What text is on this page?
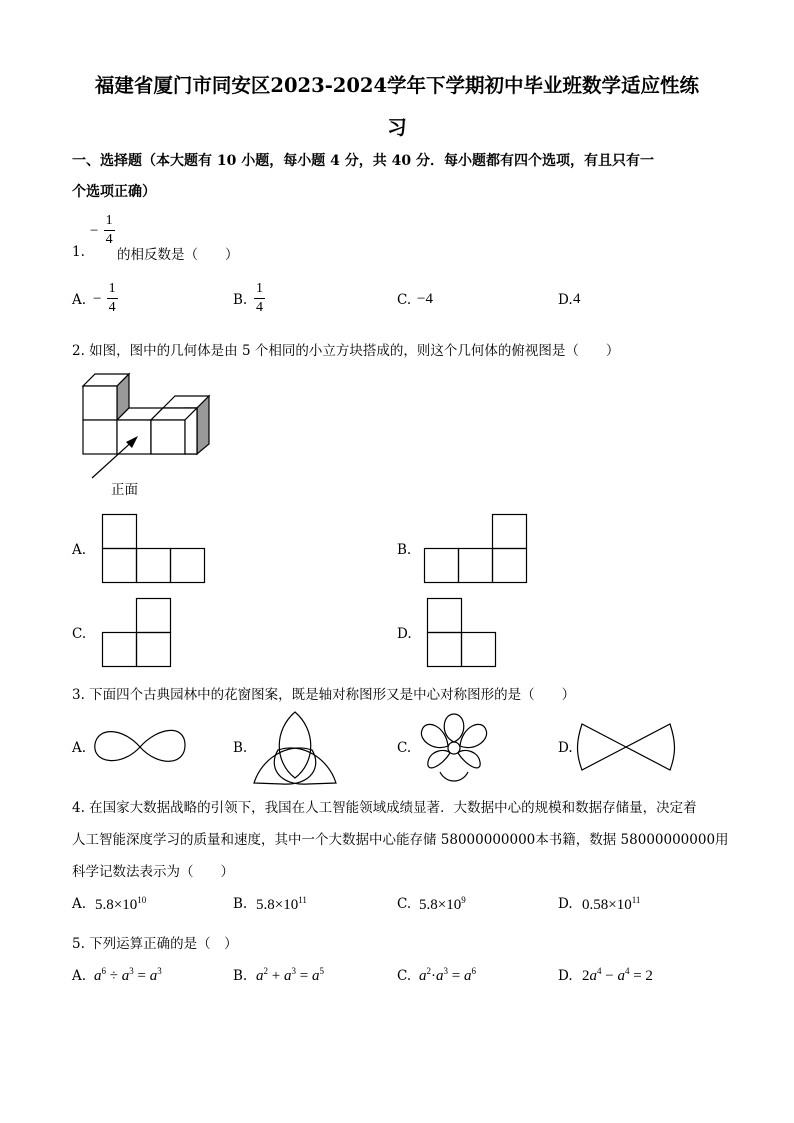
福建省厦门市同安区2023-2024学年下学期初中毕业班数学适应性练
习
一、选择题（本大题有 10 小题，每小题 4 分，共 40 分．每小题都有四个选项，有且只有一
个选项正确）
1.
− $\frac{1}{4}$
的相反数是（　　）
A. − $\frac{1}{4}$	B. $\frac{1}{4}$	C. −4	D. 4
2. 如图，图中的几何体是由 5 个相同的小立方块搭成的，则这个几何体的俯视图是（　　）
正面
A.	B.
C.	D.
3. 下面四个古典园林中的花窗图案，既是轴对称图形又是中心对称图形的是（　　）
A.	B.	C.	D.
4. 在国家大数据战略的引领下，我国在人工智能领域成绩显著．大数据中心的规模和数据存储量，决定着
人工智能深度学习的质量和速度，其中一个大数据中心能存储 58000000000本书籍，数据 58000000000用
科学记数法表示为（　　）
A. $5.8\times 10^{10}$	B. $5.8\times 10^{11}$	C. $5.8\times 10^9$	D. $0.58\times 10^{11}$
5. 下列运算正确的是（　）
A. $a^6 \div a^3 = a^3$	B. $a^2 + a^3 = a^5$	C. $a^2\cdot a^3 = a^6$	D. $2a^4 - a^4 = 2$
